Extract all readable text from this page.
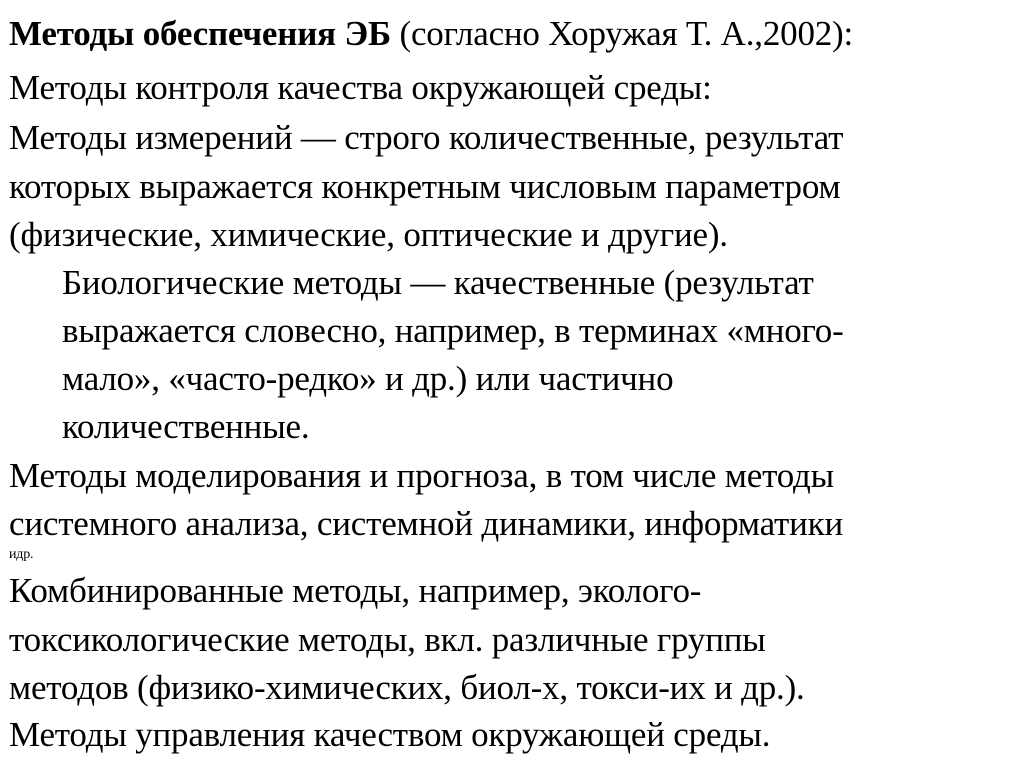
Методы обеспечения ЭБ (согласно Хоружая Т. А.,2002):
Методы контроля качества окружающей среды:
Методы измерений — строго количественные, результат
которых выражается конкретным числовым параметром
(физические, химические, оптические и другие).
Биологические методы — качественные (результат
выражается словесно, например, в терминах «много-
мало», «часто-редко» и др.) или частично
количественные.
Методы моделирования и прогноза, в том числе методы
системного анализа, системной динамики, информатики
идр.
Комбинированные методы, например, эколого-
токсикологические методы, вкл. различные группы
методов (физико-химических, биол-х, токси-их и др.).
Методы управления качеством окружающей среды.
